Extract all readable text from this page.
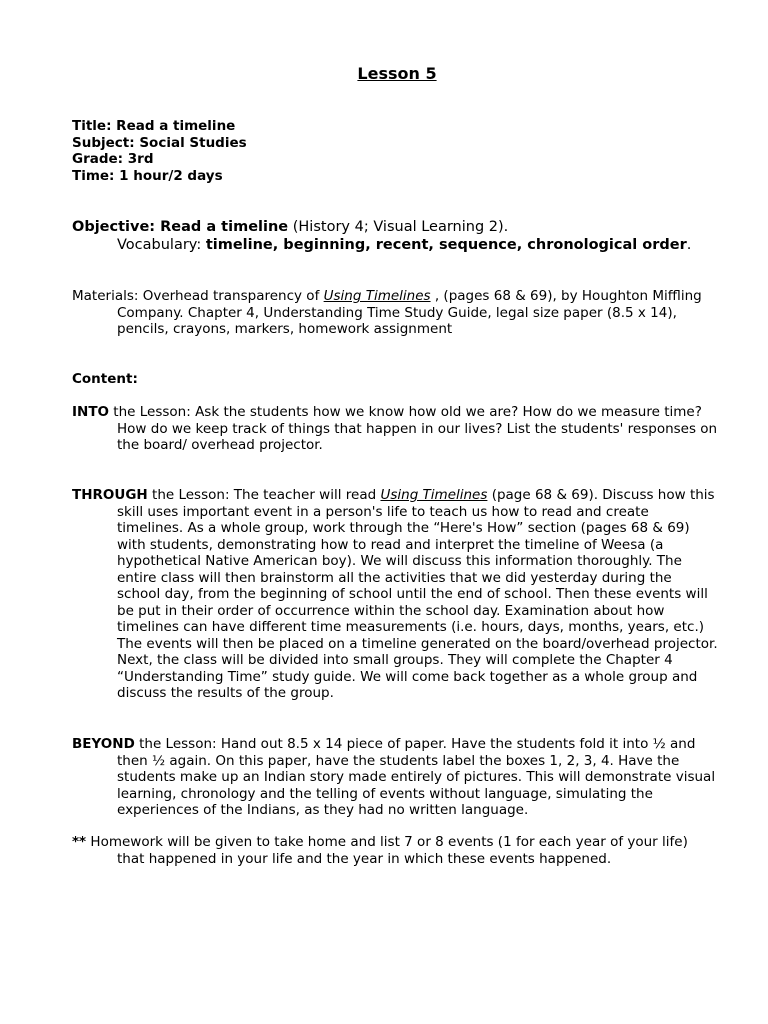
Lesson 5
Title: Read a timeline
Subject: Social Studies
Grade: 3rd
Time: 1 hour/2 days

Objective: Read a timeline (History 4; Visual Learning 2).

Vocabulary: timeline, beginning, recent, sequence, chronological order.

Materials: Overhead transparency of Using Timelines , (pages 68 & 69), by Houghton Miffling Company. Chapter 4, Understanding Time Study Guide, legal size paper (8.5 x 14), pencils, crayons, markers, homework assignment

Content:

INTO the Lesson: Ask the students how we know how old we are? How do we measure time? How do we keep track of things that happen in our lives? List the students' responses on the board/ overhead projector.

THROUGH the Lesson: The teacher will read Using Timelines (page 68 & 69). Discuss how this skill uses important event in a person's life to teach us how to read and create timelines. As a whole group, work through the “Here's How” section (pages 68 & 69) with students, demonstrating how to read and interpret the timeline of Weesa (a hypothetical Native American boy). We will discuss this information thoroughly. The entire class will then brainstorm all the activities that we did yesterday during the school day, from the beginning of school until the end of school. Then these events will be put in their order of occurrence within the school day. Examination about how timelines can have different time measurements (i.e. hours, days, months, years, etc.) The events will then be placed on a timeline generated on the board/overhead projector. Next, the class will be divided into small groups. They will complete the Chapter 4 “Understanding Time” study guide. We will come back together as a whole group and discuss the results of the group.

BEYOND the Lesson: Hand out 8.5 x 14 piece of paper. Have the students fold it into ½ and then ½ again. On this paper, have the students label the boxes 1, 2, 3, 4. Have the students make up an Indian story made entirely of pictures. This will demonstrate visual learning, chronology and the telling of events without language, simulating the experiences of the Indians, as they had no written language.

** Homework will be given to take home and list 7 or 8 events (1 for each year of your life) that happened in your life and the year in which these events happened.
